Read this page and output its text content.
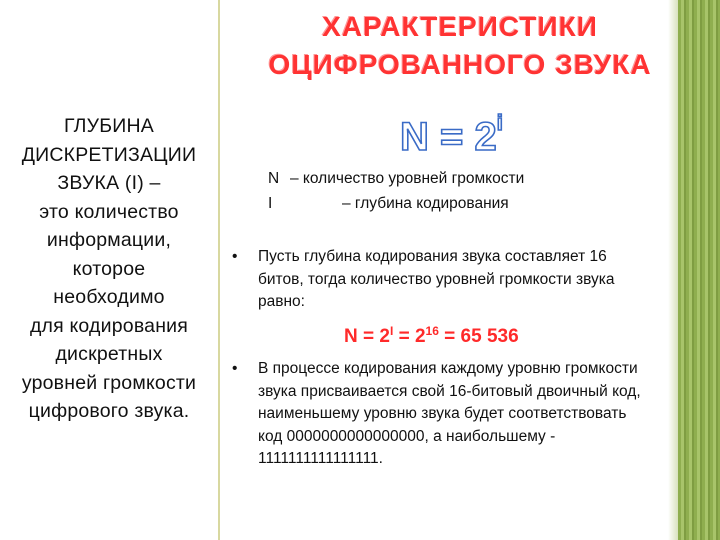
ГЛУБИНА
ДИСКРЕТИЗАЦИИ
ЗВУКА (I) –
это количество
информации,
которое
необходимо
для кодирования
дискретных
уровней громкости
цифрового звука.
ХАРАКТЕРИСТИКИ
ОЦИФРОВАННОГО ЗВУКА
$N = 2^i$
N – количество уровней громкости
I	– глубина кодирования
• Пусть глубина кодирования звука составляет 16 битов, тогда количество уровней громкости звука равно:
$N = 2^I = 2^{16} = 65$ 536
• В процессе кодирования каждому уровню громкости звука присваивается свой 16-битовый двоичный код, наименьшему уровню звука будет соответствовать код 0000000000000000, а наибольшему - 1111111111111111.
